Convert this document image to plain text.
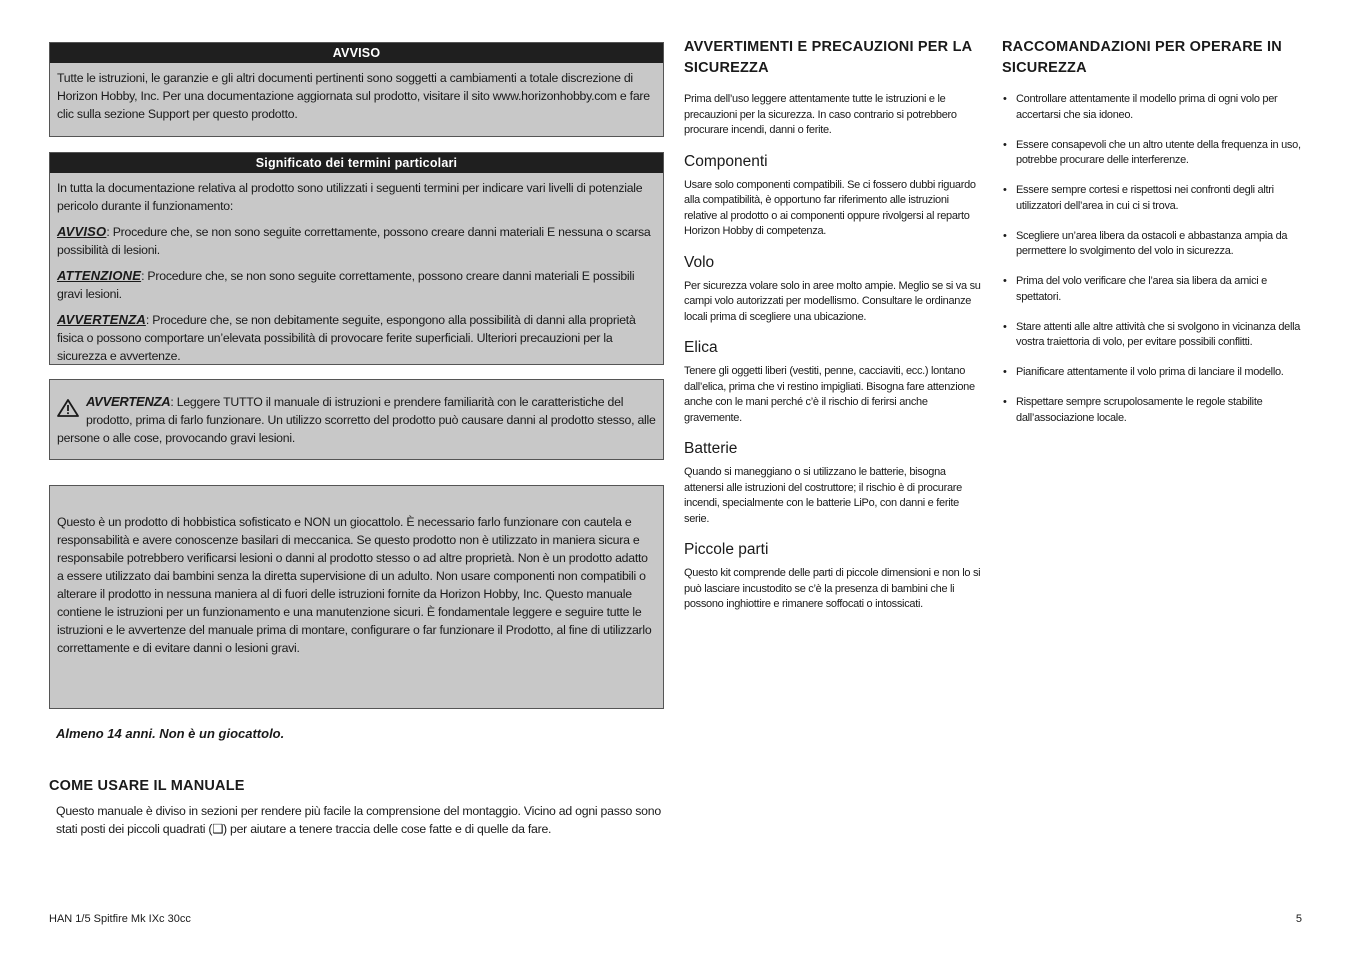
AVVISO

Tutte le istruzioni, le garanzie e gli altri documenti pertinenti sono soggetti a cambiamenti a totale discrezione di Horizon Hobby, Inc. Per una documentazione aggiornata sul prodotto, visitare il sito www.horizonhobby.com e fare clic sulla sezione Support per questo prodotto.

Significato dei termini particolari

In tutta la documentazione relativa al prodotto sono utilizzati i seguenti termini per indicare vari livelli di potenziale pericolo durante il funzionamento:

AVVISO: Procedure che, se non sono seguite correttamente, possono creare danni materiali E nessuna o scarsa possibilità di lesioni.

ATTENZIONE: Procedure che, se non sono seguite correttamente, possono creare danni materiali E possibili gravi lesioni.

AVVERTENZA: Procedure che, se non debitamente seguite, espongono alla possibilità di danni alla proprietà fisica o possono comportare un’elevata possibilità di provocare ferite superficiali. Ulteriori precauzioni per la sicurezza e avvertenze.

AVVERTENZA: Leggere TUTTO il manuale di istruzioni e prendere familiarità con le caratteristiche del prodotto, prima di farlo funzionare. Un utilizzo scorretto del prodotto può causare danni al prodotto stesso, alle persone o alle cose, provocando gravi lesioni.

Questo è un prodotto di hobbistica sofisticato e NON un giocattolo. È necessario farlo funzionare con cautela e responsabilità e avere conoscenze basilari di meccanica. Se questo prodotto non è utilizzato in maniera sicura e responsabile potrebbero verificarsi lesioni o danni al prodotto stesso o ad altre proprietà. Non è un prodotto adatto a essere utilizzato dai bambini senza la diretta supervisione di un adulto. Non usare componenti non compatibili o alterare il prodotto in nessuna maniera al di fuori delle istruzioni fornite da Horizon Hobby, Inc. Questo manuale contiene le istruzioni per un funzionamento e una manutenzione sicuri. È fondamentale leggere e seguire tutte le istruzioni e le avvertenze del manuale prima di montare, configurare o far funzionare il Prodotto, al fine di utilizzarlo correttamente e di evitare danni o lesioni gravi.

Almeno 14 anni. Non è un giocattolo.
COME USARE IL MANUALE

Questo manuale è diviso in sezioni per rendere più facile la comprensione del montaggio. Vicino ad ogni passo sono stati posti dei piccoli quadrati (❑) per aiutare a tenere traccia delle cose fatte e di quelle da fare.

AVVERTIMENTI E PRECAUZIONI PER LA SICUREZZA

Prima dell’uso leggere attentamente tutte le istruzioni e le precauzioni per la sicurezza. In caso contrario si potrebbero procurare incendi, danni o ferite.

Componenti

Usare solo componenti compatibili. Se ci fossero dubbi riguardo alla compatibilità, è opportuno far riferimento alle istruzioni relative al prodotto o ai componenti oppure rivolgersi al reparto Horizon Hobby di competenza.

Volo

Per sicurezza volare solo in aree molto ampie. Meglio se si va su campi volo autorizzati per modellismo. Consultare le ordinanze locali prima di scegliere una ubicazione.

Elica

Tenere gli oggetti liberi (vestiti, penne, cacciaviti, ecc.) lontano dall’elica, prima che vi restino impigliati. Bisogna fare attenzione anche con le mani perché c’è il rischio di ferirsi anche gravemente.

Batterie

Quando si maneggiano o si utilizzano le batterie, bisogna attenersi alle istruzioni del costruttore; il rischio è di procurare incendi, specialmente con le batterie LiPo, con danni e ferite serie.

Piccole parti

Questo kit comprende delle parti di piccole dimensioni e non lo si può lasciare incustodito se c’è la presenza di bambini che li possono inghiottire e rimanere soffocati o intossicati.

RACCOMANDAZIONI PER OPERARE IN SICUREZZA
• Controllare attentamente il modello prima di ogni volo per accertarsi che sia idoneo.
• Essere consapevoli che un altro utente della frequenza in uso, potrebbe procurare delle interferenze.
• Essere sempre cortesi e rispettosi nei confronti degli altri utilizzatori dell’area in cui ci si trova.
• Scegliere un’area libera da ostacoli e abbastanza ampia da permettere lo svolgimento del volo in sicurezza.
• Prima del volo verificare che l’area sia libera da amici e spettatori.
• Stare attenti alle altre attività che si svolgono in vicinanza della vostra traiettoria di volo, per evitare possibili conflitti.
• Pianificare attentamente il volo prima di lanciare il modello.
• Rispettare sempre scrupolosamente le regole stabilite dall’associazione locale.
HAN 1/5 Spitfire Mk IXc 30cc	5
